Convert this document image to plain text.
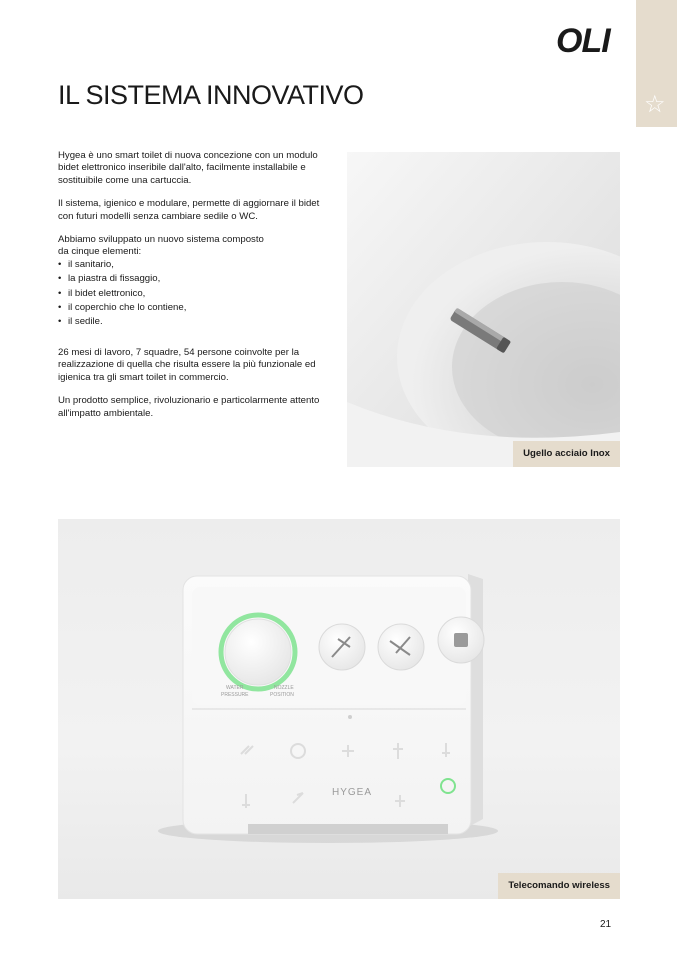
OLI
☆
IL SISTEMA INNOVATIVO

Hygea è uno smart toilet di nuova concezione con un modulo bidet elettronico inseribile dall'alto, facilmente installabile e sostituibile come una cartuccia.

Il sistema, igienico e modulare, permette di aggiornare il bidet con futuri modelli senza cambiare sedile o WC.

Abbiamo sviluppato un nuovo sistema composto
da cinque elementi:
• il sanitario,
• la piastra di fissaggio,
• il bidet elettronico,
• il coperchio che lo contiene,
• il sedile.

26 mesi di lavoro, 7 squadre, 54 persone coinvolte per la realizzazione di quella che risulta essere la più funzionale ed igienica tra gli smart toilet in commercio.

Un prodotto semplice, rivoluzionario e particolarmente attento all'impatto ambientale.

Ugello acciaio Inox
WATER
PRESSURE
NOZZLE
POSITION
HYGEA
Telecomando wireless
21
